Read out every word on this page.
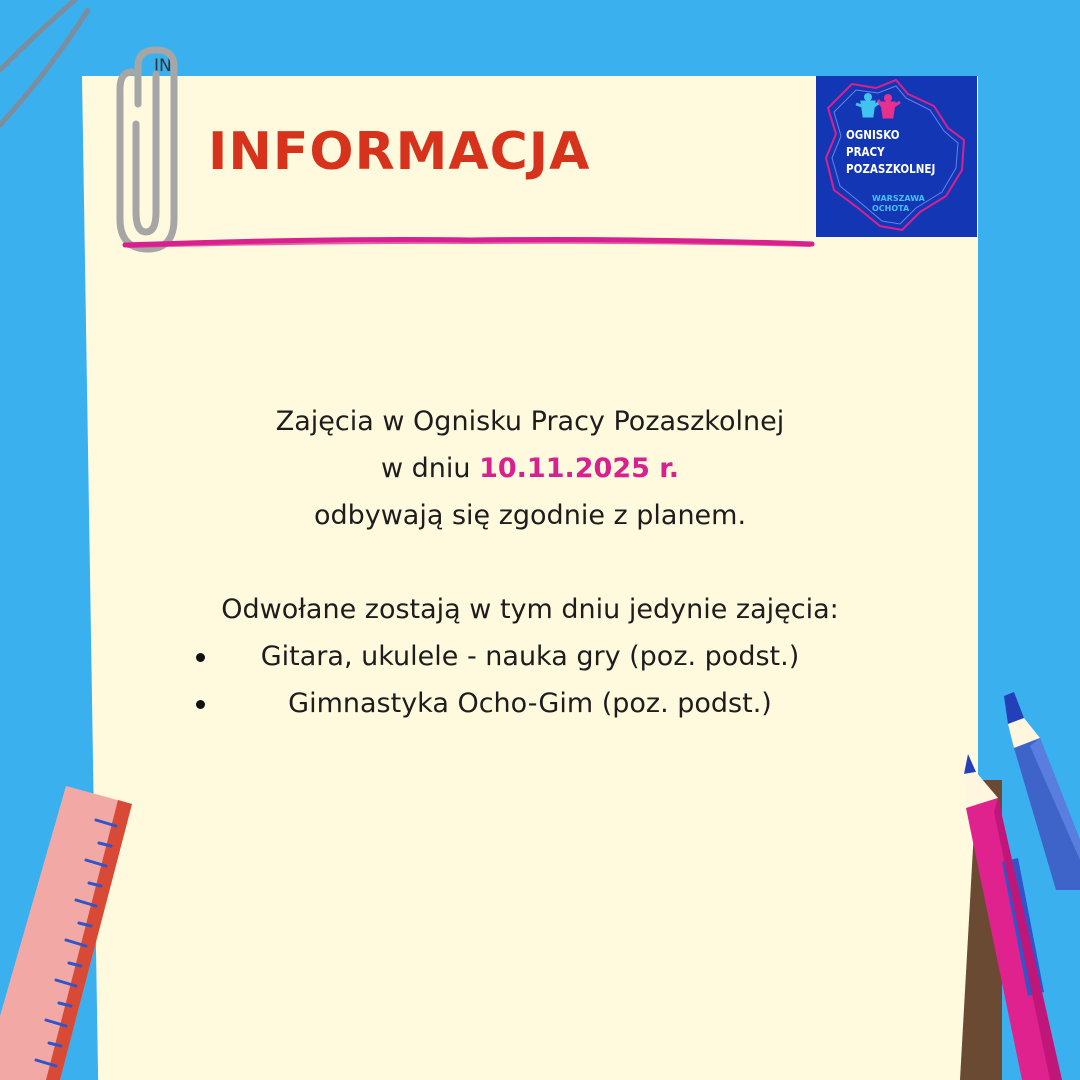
IN
INFORMACJA	OGNISKO
PRACY
POZASZKOLNEJ
WARSZAWA
OCHOTA

Zajęcia w Ognisku Pracy Pozaszkolnej

w dniu 10.11.2025 r.

odbywają się zgodnie z planem.

Odwołane zostają w tym dniu jedynie zajęcia:

Gitara, ukulele - nauka gry (poz. podst.)

Gimnastyka Ocho-Gim (poz. podst.)
